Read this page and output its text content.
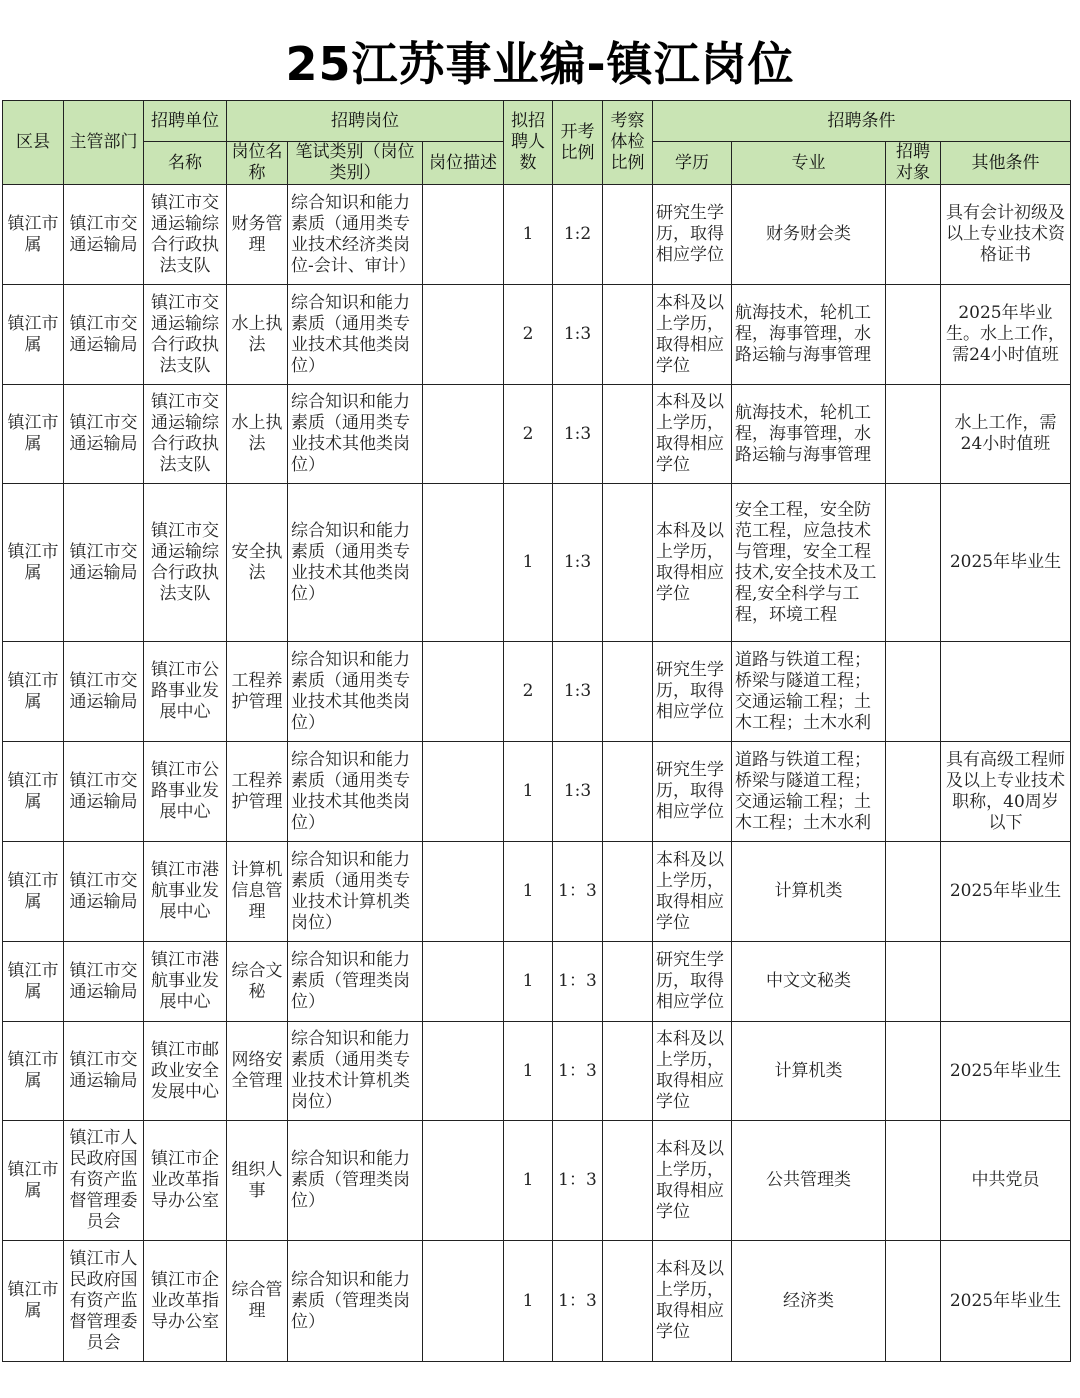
25江苏事业编-镇江岗位
区县	主管部门	招聘单位	招聘岗位			拟招聘人数	开考比例	考察体检比例	招聘条件			
		名称	岗位名称	笔试类别（岗位类别）	岗位描述				学历	专业	招聘对象	其他条件

镇江市属	镇江市交通运输局	镇江市交通运输综合行政执法支队	财务管理	综合知识和能力素质（通用类专业技术经济类岗位-会计、审计）		1	1:2		研究生学历，取得相应学位	财务财会类		具有会计初级及以上专业技术资格证书

镇江市属	镇江市交通运输局	镇江市交通运输综合行政执法支队	水上执法	综合知识和能力素质（通用类专业技术其他类岗位）		2	1:3		本科及以上学历，取得相应学位	航海技术，轮机工程，海事管理，水路运输与海事管理		2025年毕业生。水上工作，需24小时值班

镇江市属	镇江市交通运输局	镇江市交通运输综合行政执法支队	水上执法	综合知识和能力素质（通用类专业技术其他类岗位）		2	1:3		本科及以上学历，取得相应学位	航海技术，轮机工程，海事管理，水路运输与海事管理		水上工作，需24小时值班

镇江市属	镇江市交通运输局	镇江市交通运输综合行政执法支队	安全执法	综合知识和能力素质（通用类专业技术其他类岗位）		1	1:3		本科及以上学历，取得相应学位	安全工程，安全防范工程，应急技术与管理，安全工程技术,安全技术及工程,安全科学与工程，环境工程		2025年毕业生

镇江市属	镇江市交通运输局	镇江市公路事业发展中心	工程养护管理	综合知识和能力素质（通用类专业技术其他类岗位）		2	1:3		研究生学历，取得相应学位	道路与铁道工程；桥梁与隧道工程；交通运输工程；土木工程；土木水利		

镇江市属	镇江市交通运输局	镇江市公路事业发展中心	工程养护管理	综合知识和能力素质（通用类专业技术其他类岗位）		1	1:3		研究生学历，取得相应学位	道路与铁道工程；桥梁与隧道工程；交通运输工程；土木工程；土木水利		具有高级工程师及以上专业技术职称，40周岁以下

镇江市属	镇江市交通运输局	镇江市港航事业发展中心	计算机信息管理	综合知识和能力素质（通用类专业技术计算机类岗位）		1	1：3		本科及以上学历，取得相应学位	计算机类		2025年毕业生

镇江市属	镇江市交通运输局	镇江市港航事业发展中心	综合文秘	综合知识和能力素质（管理类岗位）		1	1：3		研究生学历，取得相应学位	中文文秘类		

镇江市属	镇江市交通运输局	镇江市邮政业安全发展中心	网络安全管理	综合知识和能力素质（通用类专业技术计算机类岗位）		1	1：3		本科及以上学历，取得相应学位	计算机类		2025年毕业生

镇江市属	镇江市人民政府国有资产监督管理委员会	镇江市企业改革指导办公室	组织人事	综合知识和能力素质（管理类岗位）		1	1：3		本科及以上学历，取得相应学位	公共管理类		中共党员

镇江市属	镇江市人民政府国有资产监督管理委员会	镇江市企业改革指导办公室	综合管理	综合知识和能力素质（管理类岗位）		1	1：3		本科及以上学历，取得相应学位	经济类		2025年毕业生
